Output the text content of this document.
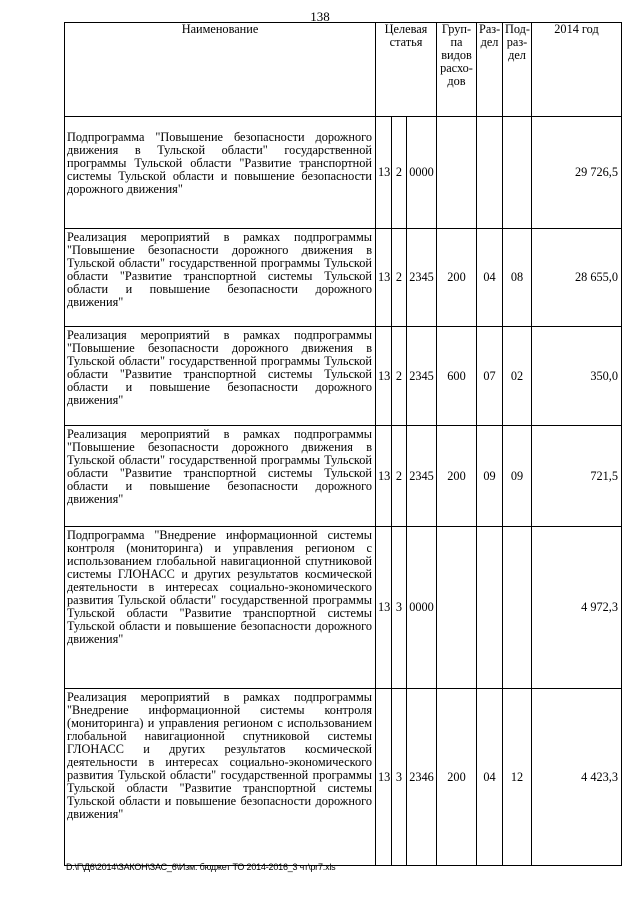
138
Наименование	Целевая статья			Груп-па видов расхо-дов	Раз-дел	Под-раз-дел	2014 год

Подпрограмма "Повышение безопасности дорожного движения в Тульской области" государственной программы Тульской области "Развитие транспортной системы Тульской области и повышение безопасности дорожного движения"	13	2	0000				29 726,5

Реализация мероприятий в рамках подпрограммы "Повышение безопасности дорожного движения в Тульской области" государственной программы Тульской области "Развитие транспортной системы Тульской области и повышение безопасности дорожного движения"	13	2	2345	200	04	08	28 655,0

Реализация мероприятий в рамках подпрограммы "Повышение безопасности дорожного движения в Тульской области" государственной программы Тульской области "Развитие транспортной системы Тульской области и повышение безопасности дорожного движения"	13	2	2345	600	07	02	350,0

Реализация мероприятий в рамках подпрограммы "Повышение безопасности дорожного движения в Тульской области" государственной программы Тульской области "Развитие транспортной системы Тульской области и повышение безопасности дорожного движения"	13	2	2345	200	09	09	721,5

Подпрограмма "Внедрение информационной системы контроля (мониторинга) и управления регионом с использованием глобальной навигационной спутниковой системы ГЛОНАСС и других результатов космической деятельности в интересах социально-экономического развития Тульской области" государственной программы Тульской области "Развитие транспортной системы Тульской области и повышение безопасности дорожного движения"	13	3	0000				4 972,3

Реализация мероприятий в рамках подпрограммы "Внедрение информационной системы контроля (мониторинга) и управления регионом с использованием глобальной навигационной спутниковой системы ГЛОНАСС и других результатов космической деятельности в интересах социально-экономического развития Тульской области" государственной программы Тульской области "Развитие транспортной системы Тульской области и повышение безопасности дорожного движения"	13	3	2346	200	04	12	4 423,3
D:\Г\Д6\2014\ЗАКОН\ЗАС_6\Изм. бюджет ТО 2014-2016_3 чт\pr7.xls
